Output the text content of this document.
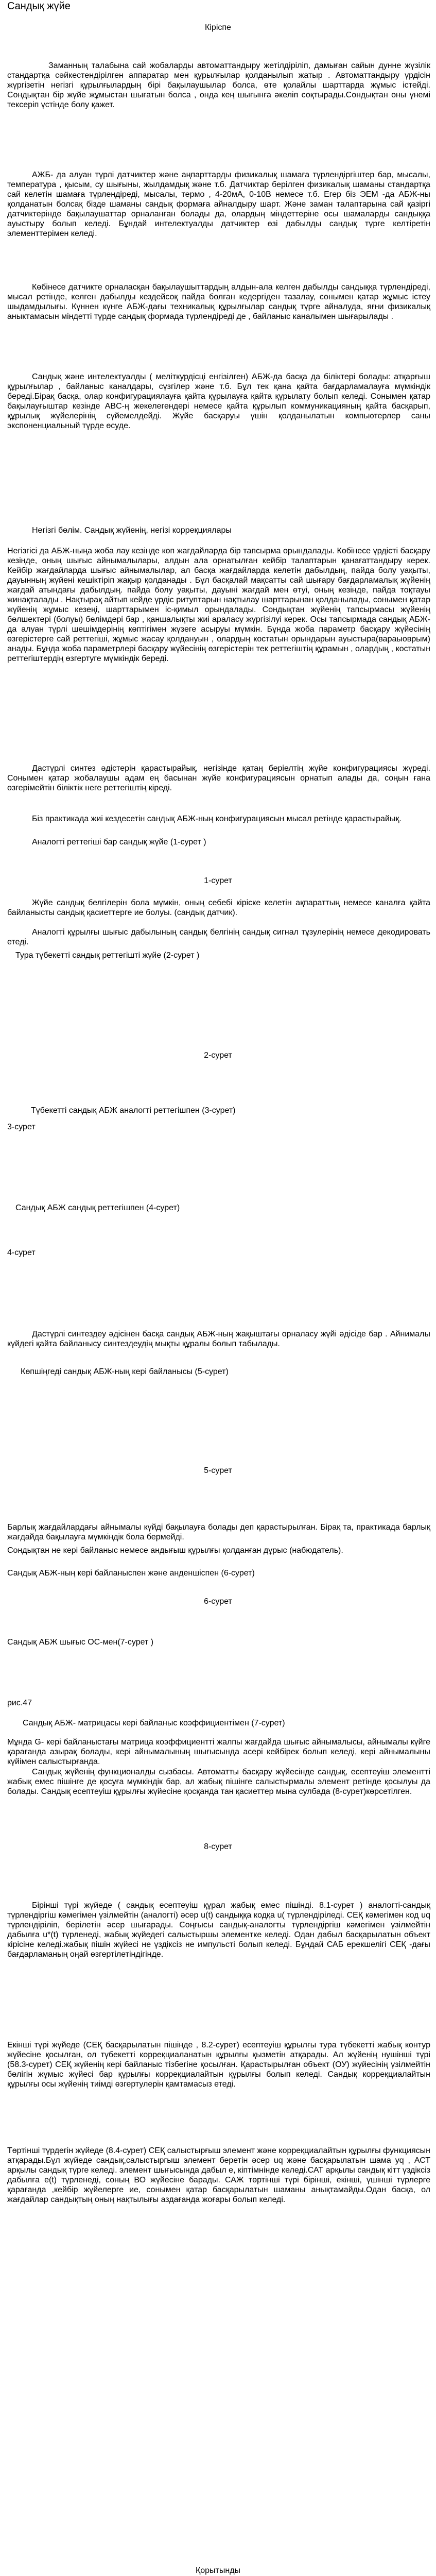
Сандық жүйе
Кіріспе

Заманның талабына сай жобаларды автоматтандыру жетілдіріліп, дамыған сайын дунне жүзілік стандартқа сәйкестендірілген аппаратар мен құрылғылар қолданылып жатыр . Автоматтандыру үрдісін жүргізетін негізгі құрылғылардың бірі бақылаушылар болса, өте қолайлы шарттарда жұмыс істейді. Сондықтан бір жүйе жұмыстан шығатын болса , онда кең шығынға әкеліп соқтырады.Сондықтан оны үнемі тексеріп үстінде болу қажет.

АЖБ- да алуан түрлі датчиктер және аңпарттарды физикалық шамаға түрлендіргіштер бар, мысалы, температура , қысым, су шығыны, жылдамдық және т.б. Датчиктар берілген физикалық шаманы стандартқа сай келетін шамаға түрлендіреді, мысалы, термо , 4-20мА, 0-10В немесе т.б. Егер біз ЭЕМ -да АБЖ-ны қолданатын болсақ бізде шаманы сандық формаға айналдыру шарт. Және заман талаптарына сай қазіргі датчиктерінде бақылаушаттар орналанған болады да, олардың міндеттеріне осы шамаларды сандыққа ауыстыру болып келеді. Бұндай интелектуалды датчиктер өзі дабылды сандық түрге келтіретін элементтерімен келеді.

Көбінесе датчикте орналасқан бақылаушыттардың алдын-ала келген дабылды сандыққа түрлендіреді, мысал ретінде, келген дабылды кездейсоқ пайда болған кедергіден тазалау, сонымен қатар жұмыс істеу шыдамдылығы. Күннен күнге АБЖ-дағы техникалық құрылғылар сандық түрге айналуда, яғни физикалық аныктамасын міндетті түрде сандық формада түрлендіреді де , байланыс каналымен шығарылады .

Сандық және интелектуалды ( меліткурдісці енгізілген) АБЖ-да басқа да біліктері болады: атқарғыш құрылғылар , байланыс каналдары, сүзгілер және т.б. Бұл тек қана қайта бағдарламалауға мүмкіндік береді.Бірақ басқа, олар конфигурациялауға қайта құрылауға қайта құрылату болып келеді. Сонымен қатар бақылауғыштар кезінде ABC-ң жекелегендері немесе қайта құрылып коммуникацияның қайта басқарып, құрылық жүйелерінің сүйемелдейді. Жүйе басқаруы үшін қолданылатын компьютерлер саны экспоненциальный түрде өсуде.

Негізгі бөлім. Сандық жүйенің, негізі корреқциялары

Негізгісі да АБЖ-ныңа жоба лау кезінде көп жағдайларда бір тапсырма орындалады. Көбінесе үрдісті басқару кезінде, оның шығыс айнымалылары, алдын ала орнатылған кейбір талаптарын қанағаттандыру керек. Кейбір жағдайларда шығыс айнымалылар, ал басқа жағдайларда келетін дабылдың, пайда болу уақыты, дауынның жүйені кешіктіріп жақыр қолданады . Бұл басқалай мақсатты сай шығару бағдарламалық жүйенің жағдай атындағы дабылдың. пайда болу уақыты, дауыні жағдай мен өтуі, оның кезінде, пайда тоқтауы жинақталады . Нақтырақ айтып кейде үрдіс ритуптарын нақтылау шарттарынан қолданылады, сонымен қатар жүйенің жұмыс кезеңі, шарттарымен іс-қимыл орындалады. Сондықтан жүйенің тапсырмасы жүйенің бөлшектері (болуы) бөлімдері бар , қаншалықты жиі араласу жүргізілуі керек. Осы тапсырмада сандық АБЖ-да алуан түрлі шешімдерінің көптігімен жүзеге асыруы мүмкін. Бұнда жоба параметр басқару жүйесінің өзгерістерге сай реттегіші, жұмыс жасау қолдануын , олардың костатын орындарын ауыстыра(вараыоврым) анады. Бұнда жоба параметрлері басқару жүйесінің өзгерістерін тек реттегіштің құрамын , олардың , костатын реттегіштердің өзгертуге мүмкіндік береді.

Дастүрлі синтез әдістерін қарастырайық, негізінде қатаң беріелтің жүйе конфигурациясы жүреді. Сонымен қатар жобалаушы адам ең басынан жүйе конфигурациясын орнатып алады да, соңын ғана өзгерімейтін біліктік неге реттегіштің кіреді.

Біз практикада жиі кездесетін сандық АБЖ-ның конфигурациясын мысал ретінде қарастырайық.

Аналогті реттегіші бар сандық жүйе (1-сурет )

1-сурет

Жүйе сандық белгілерін бола мүмкін, оның себебі кіріске келетін ақпараттың немесе каналға қайта байланысты сандық қасиеттерге ие болуы. (сандық датчик).

Аналогті құрылғы шығыс дабылының сандық белгінің сандық сигнал тұзулерінің немесе декодировать етеді.

Тура түбекетті сандық реттегішті жүйе (2-сурет )

2-сурет

Түбекетті сандық АБЖ аналогті реттегішпен (3-сурет)

3-сурет

Сандық АБЖ сандық реттегішпен (4-сурет)

4-сурет

Дастүрлі синтездеу әдісінен басқа сандық АБЖ-ның жақыштағы орналасу жүйі әдісіде бар . Айнималы күйдегі қайта байланысу синтездеудің мықты құралы болып табылады.

Көпшіңгеді сандық АБЖ-ның кері байланысы (5-сурет)

5-сурет

Барлық жағдайлардағы айнымалы күйді бақылауға болады деп қарастырылған. Бірақ та, практикада барлық жағдайда бақылауға мүмкіндік бола бермейді.

Сондықтан не кері байланыс немесе андығыш құрылғы қолданған дұрыс (набюдатель).

Сандық АБЖ-ның кері байланыспен және анденшіспен (6-сурет)

6-сурет

Сандық АБЖ шығыс ОС-мен(7-сурет )

рис.47

Сандық АБЖ- матрицасы кері байланыс коэффициентімен (7-сурет)

Мұнда G- кері байланыстағы матрица коэффициентті жалпы жағдайда шығыс айнымалысы, айнымалы күйге қарағанда азырақ болады, кері айнымалының шығысында асері кейбірек болып келеді, кері айнымалыны күйімен салыстырғанда.

Сандық жүйенің функционалды сызбасы. Автоматты басқару жүйесінде сандық, есептеуіш элементті жабық емес пішінге де қосуға мүмкіндік бар, ал жабық пішінге салыстырмалы элемент ретінде қосылуы да болады. Сандық есептеуіш құрылғы жүйесіне қосқанда тан қасиеттер мына сулбада (8-сурет)көрсетілген.

8-сурет

Бірінші түрі жүйеде ( сандық есептеуіш құрал жабық емес пішінді. 8.1-сурет ) аналогті-сандық түрлендіргіш кәмегімен үзілмейтін (аналогті) әсер u(t) сандыққа кодқа u( түрлендіріледі. СЕҚ кәмегімен код uq түрлендіріліп, берілетін әсер шығарады. Соңғысы сандық-аналогты түрлендіргіш кәмегімен үзілмейтін дабылға u*(t) түрленеді, жабық жүйедегі салыстыршы элементке келеді. Одан дабыл басқарылатын объект кірісіне келеді.жабық пішін жүйесі не үздіксіз не импульсті болып келеді. Бұндай САБ ерекшелігі СЕҚ -дағы бағдарламаның оңай өзгертілетіндігінде.

Екінші түрі жүйеде (СЕҚ басқарылатын пішінде , 8.2-сурет) есептеуіш құрылғы тура түбекетті жабық контур жүйесіне қосылған, ол түбекетті корреқциаланатын құрылғы қызметін атқарады. Ал жүйенің нушінші түрі (58.3-сурет) СЕҚ жүйенің кері байланыс тізбегіне қосылған. Қарастырылған объект (ОУ) жүйесінің үзілмейтін бөлігін жұмыс жүйесі бар құрылғы корреқциалайтын құрылғы болып келеді. Сандық корреқциалайтын құрылғы осы жүйенің тиімді өзгертулерін қамтамасыз етеді.

Төртінші түрдегін жүйеде (8.4-сурет) СЕҚ салыстырғыш элемент және корреқциалайтын құрылғы функциясын атқарады.Бұл жүйеде сандық,салыстыргыш элемент беретін әсер uq және басқарылатын шама yq , АСТ арқылы сандық түрге келеді. элемент шығысында дабыл e, кіптiмнiнде келеді.САТ арқылы сандық кітт үздіксіз дабылға e(t) түрленеді, соның ВО жүйесіне барады. САЖ төртінші түрі бірінші, екінші, үшінші түрлерге қарағанда ,кейбір жүйелерге ие, сонымен қатар басқарылатын шаманы анықтамайды.Одан басқа, ол жағдайлар сандықтың оның нақтылығы аздағанда жоғары болып келеді.

Қорытынды
